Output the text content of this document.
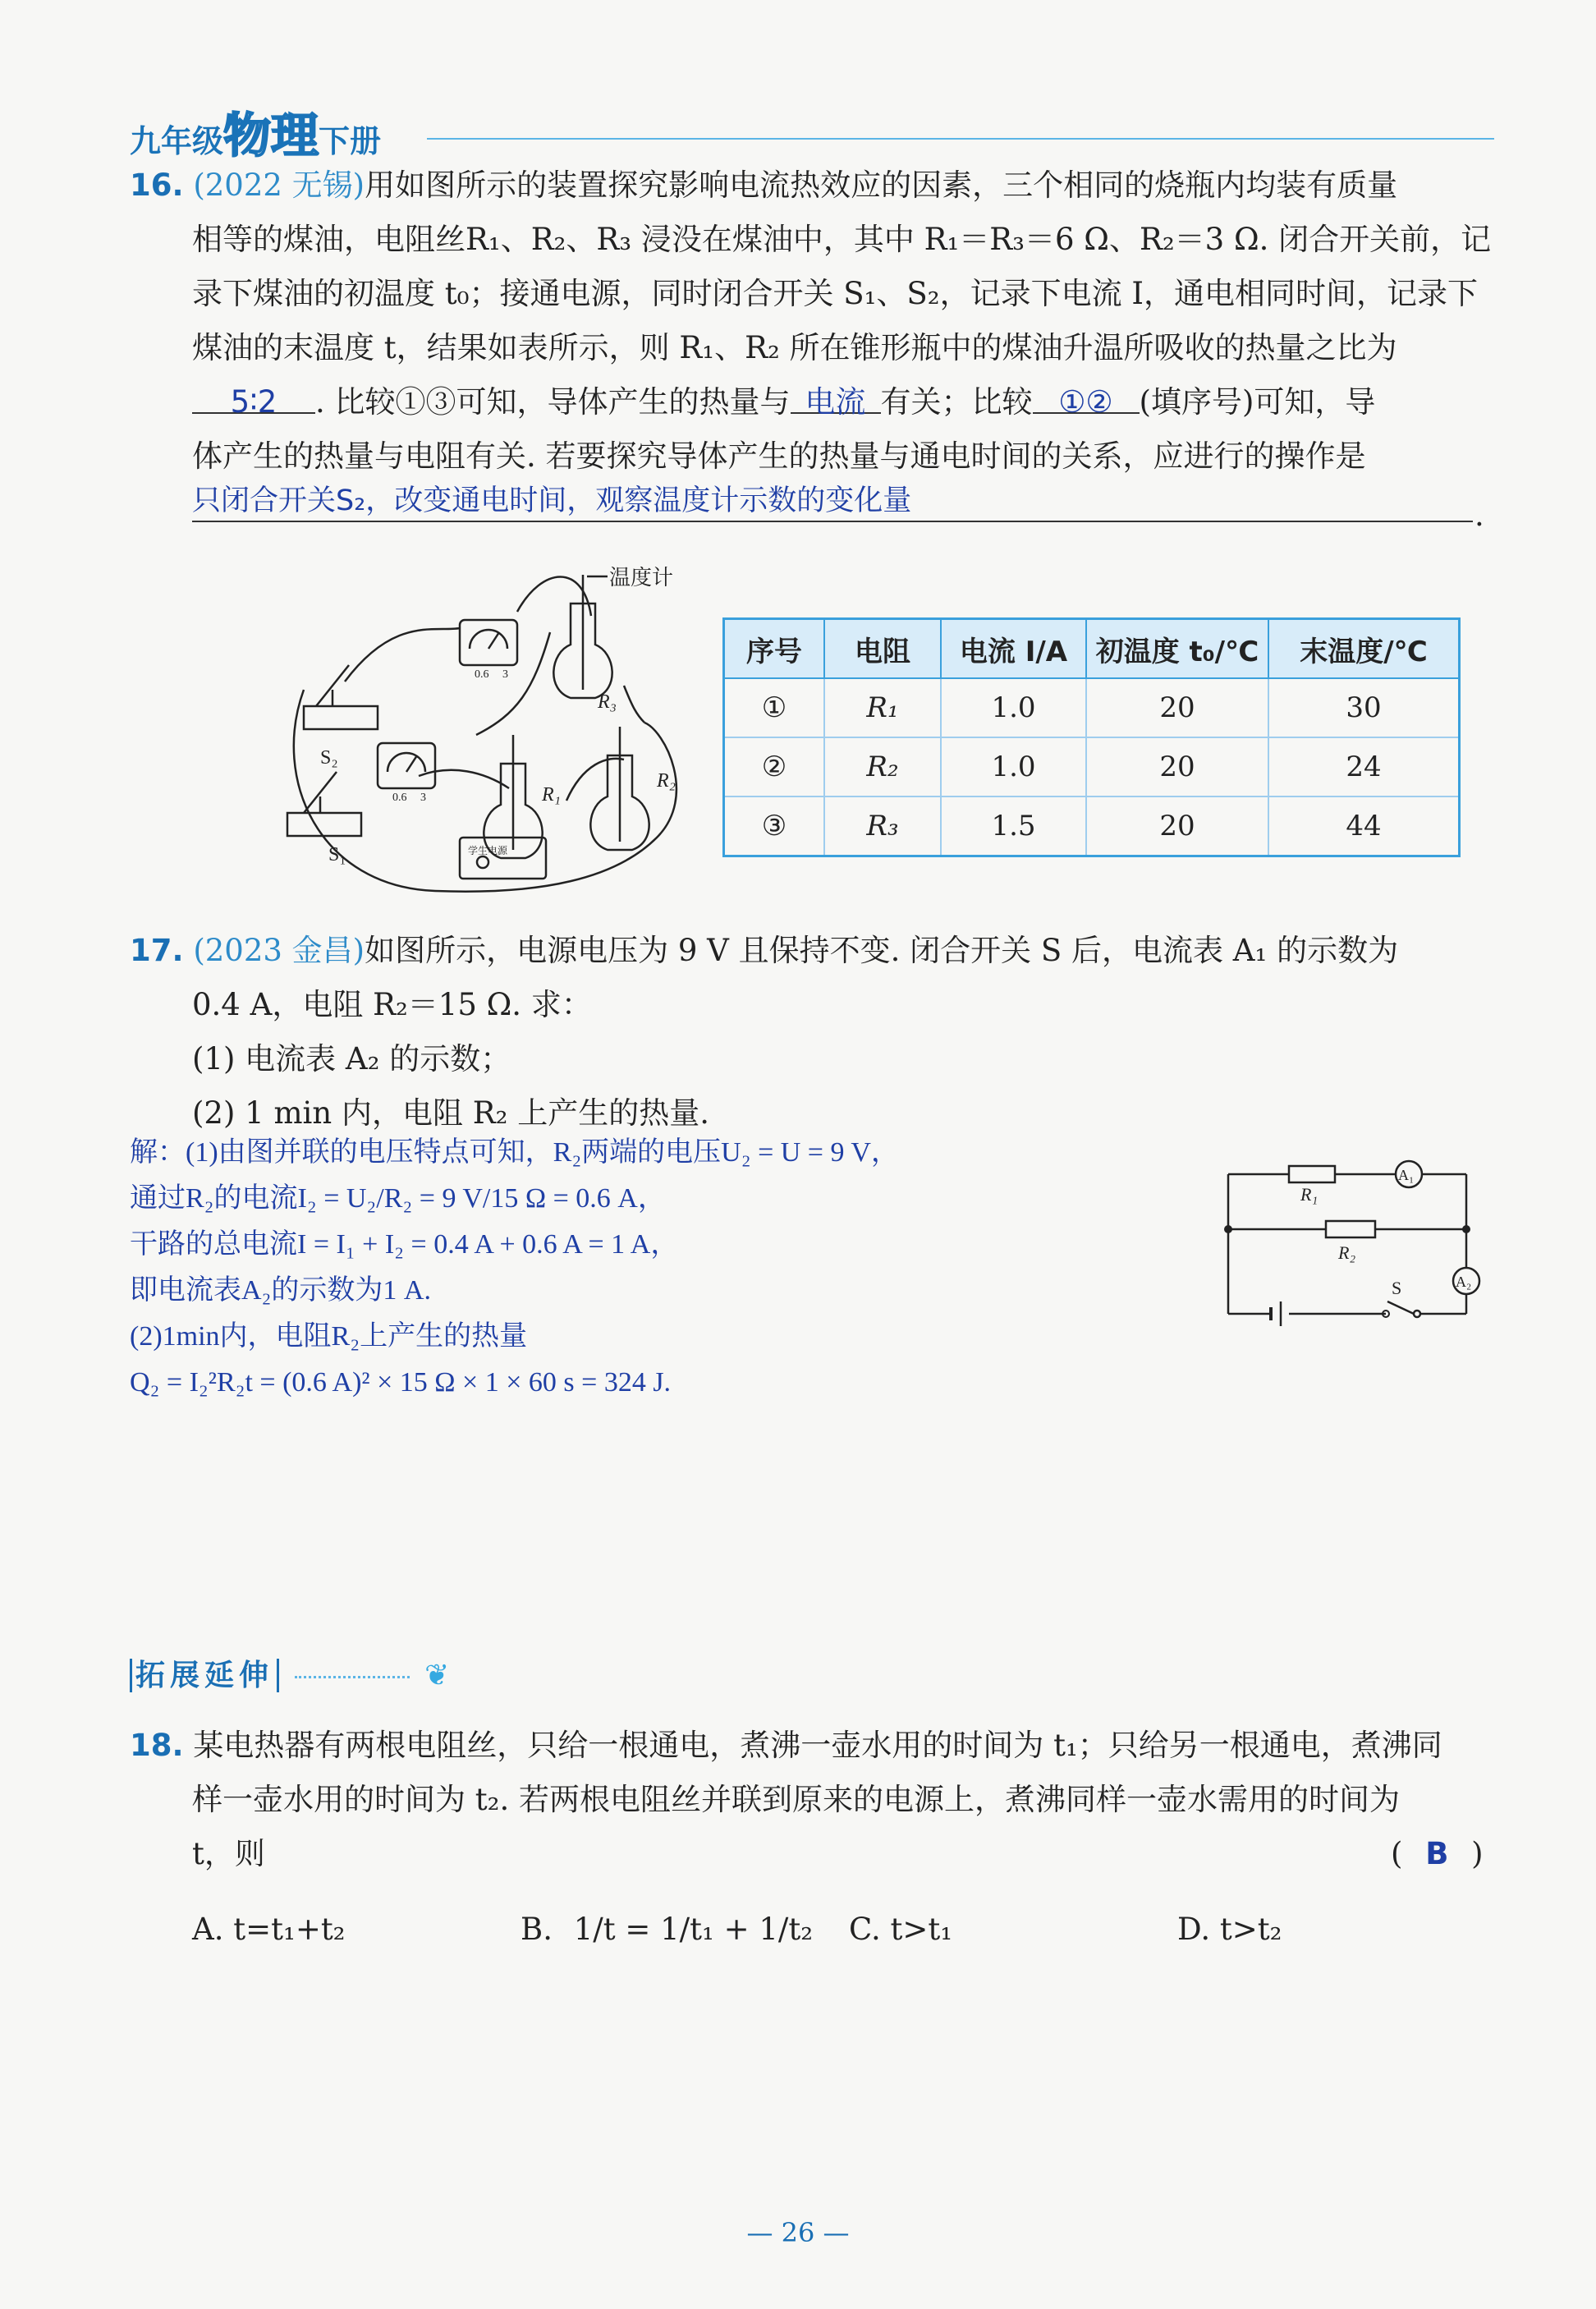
九年级物理下册
16. (2022 无锡)用如图所示的装置探究影响电流热效应的因素，三个相同的烧瓶内均装有质量
相等的煤油，电阻丝R₁、R₂、R₃ 浸没在煤油中，其中 R₁＝R₃＝6 Ω、R₂＝3 Ω. 闭合开关前，记
录下煤油的初温度 t₀；接通电源，同时闭合开关 S₁、S₂，记录下电流 I，通电相同时间，记录下
煤油的末温度 t，结果如表所示，则 R₁、R₂ 所在锥形瓶中的煤油升温所吸收的热量之比为
5∶2 . 比较①③可知，导体产生的热量与 电流 有关；比较 ①② (填序号)可知，导
体产生的热量与电阻有关. 若要探究导体产生的热量与通电时间的关系，应进行的操作是
只闭合开关S₂，改变通电时间，观察温度计示数的变化量	.
温度计
S₂
S₁
R₁
R₂
R₃
0.6 3
0.6 3
学生电源
序号	电阻	电流 I/A	初温度 t₀/℃	末温度/℃
①	R₁	1.0	20	30
②	R₂	1.0	20	24
③	R₃	1.5	20	44
17. (2023 金昌)如图所示，电源电压为 9 V 且保持不变. 闭合开关 S 后，电流表 A₁ 的示数为
0.4 A，电阻 R₂＝15 Ω. 求：
(1) 电流表 A₂ 的示数；
(2) 1 min 内，电阻 R₂ 上产生的热量.
解：(1)由图并联的电压特点可知，R₂两端的电压U₂ = U = 9 V，
通过R₂的电流I₂ = U₂/R₂ = 9 V/15 Ω = 0.6 A，
干路的总电流I = I₁ + I₂ = 0.4 A + 0.6 A = 1 A，
即电流表A₂的示数为1 A.
(2)1min内，电阻R₂上产生的热量
Q₂ = I₂²R₂t = (0.6 A)² × 15 Ω × 1 × 60 s = 324 J.
R₁
A₁
R₂
A₂
S
拓展延伸	❦
18. 某电热器有两根电阻丝，只给一根通电，煮沸一壶水用的时间为 t₁；只给另一根通电，煮沸同
样一壶水用的时间为 t₂. 若两根电阻丝并联到原来的电源上，煮沸同样一壶水需用的时间为
t，则	( B )
A. t=t₁+t₂	B. 1/t = 1/t₁ + 1/t₂ C. t>t₁	D. t>t₂
— 26 —
